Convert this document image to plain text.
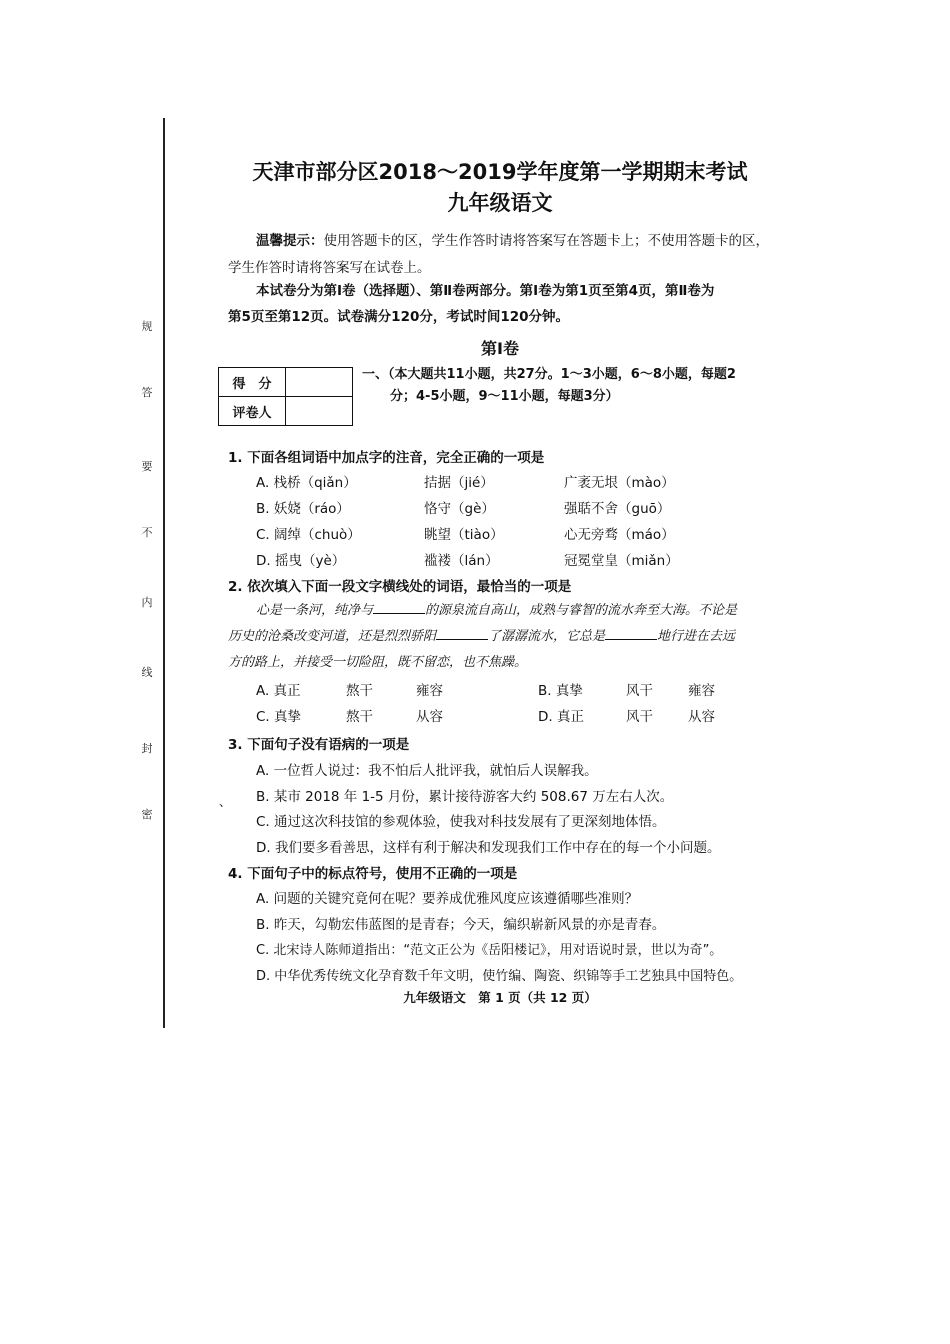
规
答
要
不
内
线
封
密
天津市部分区2018～2019学年度第一学期期末考试
九年级语文
温馨提示：使用答题卡的区，学生作答时请将答案写在答题卡上；不使用答题卡的区，学生作答时请将答案写在试卷上。
本试卷分为第Ⅰ卷（选择题）、第Ⅱ卷两部分。第Ⅰ卷为第1页至第4页，第Ⅱ卷为
第5页至第12页。试卷满分120分，考试时间120分钟。
第Ⅰ卷
得　分	
评卷人	
一、（本大题共11小题，共27分。1～3小题，6～8小题，每题2
分；4-5小题，9～11小题，每题3分）
1. 下面各组词语中加点字的注音，完全正确的一项是
A. 栈桥（qiǎn）	拮据（jié）	广袤无垠（mào）
B. 妖娆（ráo）	恪守（gè）	强聒不舍（guō）
C. 阔绰（chuò）	眺望（tiào）	心无旁骛（máo）
D. 摇曳（yè）	褴褛（lán）	冠冕堂皇（miǎn）
2. 依次填入下面一段文字横线处的词语，最恰当的一项是
心是一条河，纯净与	的源泉流自高山，成熟与睿智的流水奔至大海。不论是
历史的沧桑改变河道，还是烈烈骄阳	了潺潺流水，它总是	地行进在去远
方的路上，并接受一切险阻，既不留恋，也不焦躁。
A. 真正	熬干	雍容	B. 真挚	风干	雍容
C. 真挚	熬干	从容	D. 真正	风干	从容
3. 下面句子没有语病的一项是
A. 一位哲人说过：我不怕后人批评我，就怕后人误解我。
、 B. 某市 2018 年 1-5 月份，累计接待游客大约 508.67 万左右人次。
C. 通过这次科技馆的参观体验，使我对科技发展有了更深刻地体悟。
D. 我们要多看善思，这样有利于解决和发现我们工作中存在的每一个小问题。
4. 下面句子中的标点符号，使用不正确的一项是
A. 问题的关键究竟何在呢？要养成优雅风度应该遵循哪些准则？
B. 昨天，勾勒宏伟蓝图的是青春；今天，编织崭新风景的亦是青春。
C. 北宋诗人陈师道指出：“范文正公为《岳阳楼记》，用对语说时景，世以为奇”。
D. 中华优秀传统文化孕育数千年文明，使竹编、陶瓷、织锦等手工艺独具中国特色。
九年级语文　第 1 页（共 12 页）
